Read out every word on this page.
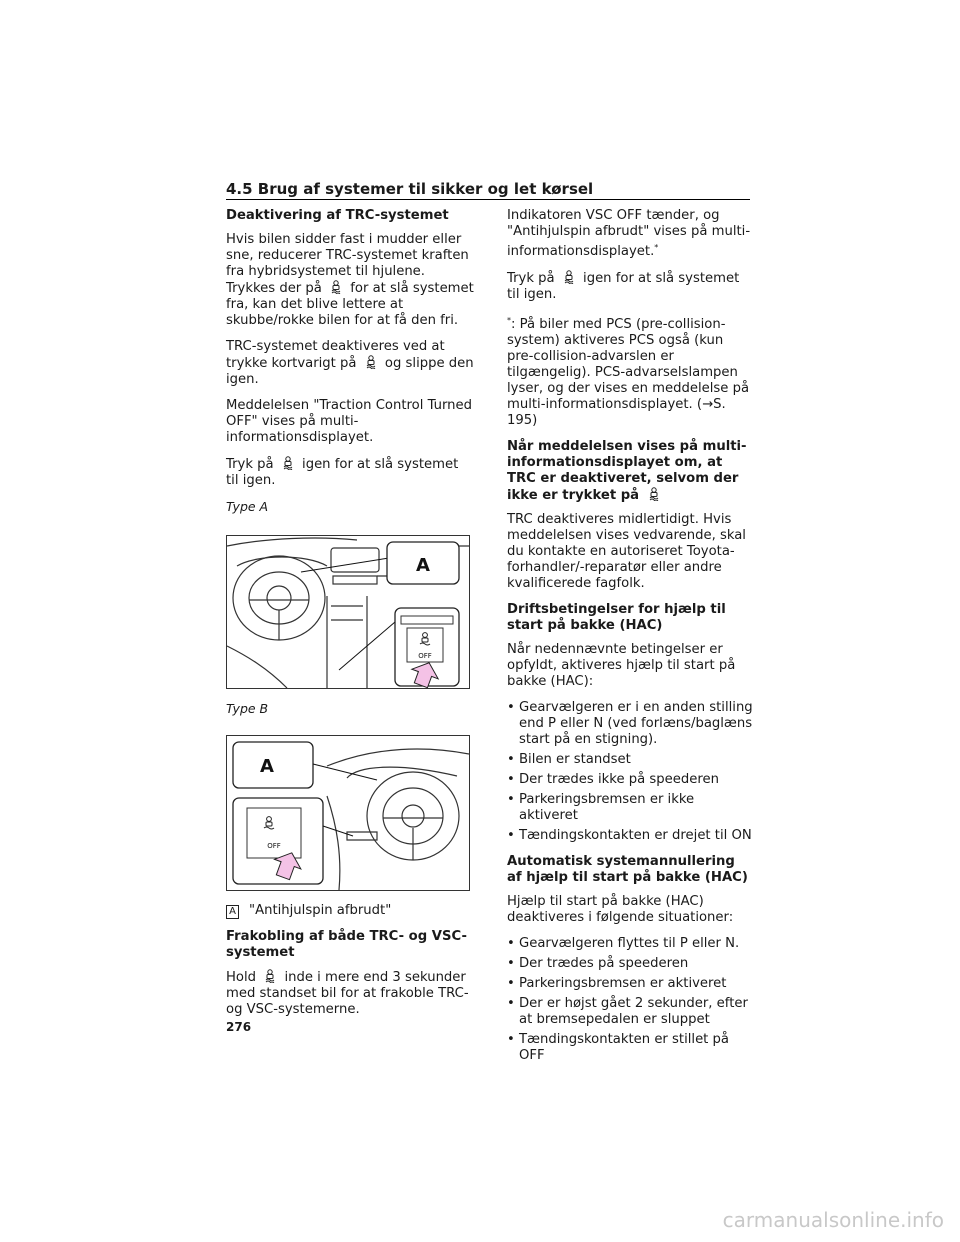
4.5 Brug af systemer til sikker og let kørsel
Deaktivering af TRC-systemet

Hvis bilen sidder fast i mudder eller sne, reducerer TRC-systemet kraften fra hybridsystemet til hjulene. Trykkes der på for at slå systemet fra, kan det blive lettere at skubbe/rokke bilen for at få den fri.

TRC-systemet deaktiveres ved at trykke kortvarigt på og slippe den igen.

Meddelelsen "Traction Control Turned OFF" vises på multi-informationsdisplayet.

Tryk på igen for at slå systemet til igen.

Type A
A
OFF
Type B
A
OFF

A "Antihjulspin afbrudt"

Frakobling af både TRC- og VSC-systemet

Hold inde i mere end 3 sekunder med standset bil for at frakoble TRC- og VSC-systemerne.

Indikatoren VSC OFF tænder, og "Antihjulspin afbrudt" vises på multi-informationsdisplayet.*

Tryk på igen for at slå systemet til igen.

*: På biler med PCS (pre-collision-system) aktiveres PCS også (kun pre-collision-advarslen er tilgængelig). PCS-advarselslampen lyser, og der vises en meddelelse på multi-informationsdisplayet. (→S. 195)

Når meddelelsen vises på multi-informationsdisplayet om, at TRC er deaktiveret, selvom der ikke er trykket på

TRC deaktiveres midlertidigt. Hvis meddelelsen vises vedvarende, skal du kontakte en autoriseret Toyota-forhandler/-reparatør eller andre kvalificerede fagfolk.

Driftsbetingelser for hjælp til start på bakke (HAC)

Når nedennævnte betingelser er opfyldt, aktiveres hjælp til start på bakke (HAC):

• Gearvælgeren er i en anden stilling end P eller N (ved forlæns/baglæns start på en stigning).
• Bilen er standset
• Der trædes ikke på speederen
• Parkeringsbremsen er ikke aktiveret
• Tændingskontakten er drejet til ON
Automatisk systemannullering af hjælp til start på bakke (HAC)

Hjælp til start på bakke (HAC) deaktiveres i følgende situationer:

• Gearvælgeren flyttes til P eller N.
• Der trædes på speederen
• Parkeringsbremsen er aktiveret
• Der er højst gået 2 sekunder, efter at bremsepedalen er sluppet
• Tændingskontakten er stillet på OFF
276
carmanualsonline.info
